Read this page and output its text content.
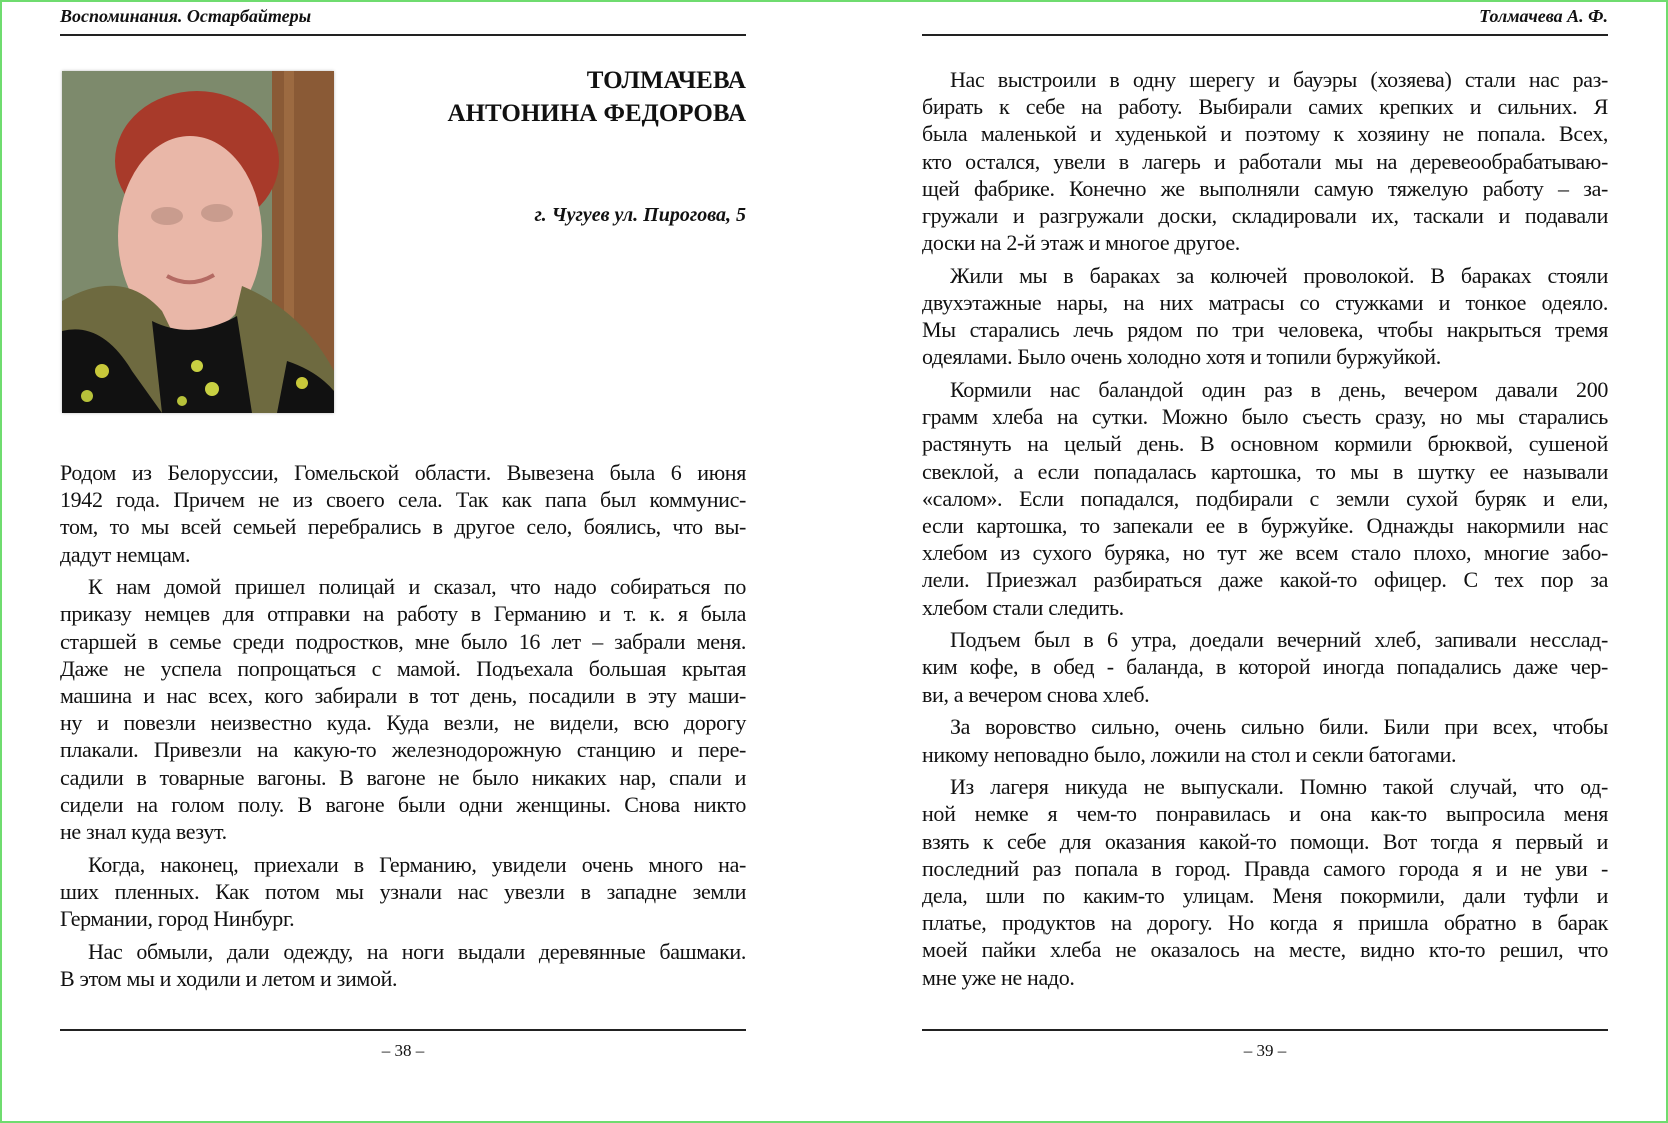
Воспоминания. Остарбайтеры
ТОЛМАЧЕВА
АНТОНИНА ФЕДОРОВА
г. Чугуев ул. Пирогова, 5
Родом из Белоруссии, Гомельской области. Вывезена была 6 июня
1942 года. Причем не из своего села. Так как папа был коммунис-
том, то мы всей семьей перебрались в другое село, боялись, что вы-
дадут немцам.
К нам домой пришел полицай и сказал, что надо собираться по
приказу немцев для отправки на работу в Германию и т. к. я была
старшей в семье среди подростков, мне было 16 лет – забрали меня.
Даже не успела попрощаться с мамой. Подъехала большая крытая
машина и нас всех, кого забирали в тот день, посадили в эту маши-
ну и повезли неизвестно куда. Куда везли, не видели, всю дорогу
плакали. Привезли на какую-то железнодорожную станцию и пере-
садили в товарные вагоны. В вагоне не было никаких нар, спали и
сидели на голом полу. В вагоне были одни женщины. Снова никто
не знал куда везут.
Когда, наконец, приехали в Германию, увидели очень много на-
ших пленных. Как потом мы узнали нас увезли в западне земли
Германии, город Нинбург.
Нас обмыли, дали одежду, на ноги выдали деревянные башмаки.
В этом мы и ходили и летом и зимой.
– 38 –
Толмачева А. Ф.
Нас выстроили в одну шерегу и бауэры (хозяева) стали нас раз-
бирать к себе на работу. Выбирали самих крепких и сильних. Я
была маленькой и худенькой и поэтому к хозяину не попала. Всех,
кто остался, увели в лагерь и работали мы на деревеообрабатываю-
щей фабрике. Конечно же выполняли самую тяжелую работу – за-
гружали и разгружали доски, складировали их, таскали и подавали
доски на 2-й этаж и многое другое.
Жили мы в бараках за колючей проволокой. В бараках стояли
двухэтажные нары, на них матрасы со стужками и тонкое одеяло.
Мы старались лечь рядом по три человека, чтобы накрыться тремя
одеялами. Было очень холодно хотя и топили буржуйкой.
Кормили нас баландой один раз в день, вечером давали 200
грамм хлеба на сутки. Можно было съесть сразу, но мы старались
растянуть на целый день. В основном кормили брюквой, сушеной
свеклой, а если попадалась картошка, то мы в шутку ее называли
«салом». Если попадался, подбирали с земли сухой буряк и ели,
если картошка, то запекали ее в буржуйке. Однажды накормили нас
хлебом из сухого буряка, но тут же всем стало плохо, многие забо-
лели. Приезжал разбираться даже какой-то офицер. С тех пор за
хлебом стали следить.
Подъем был в 6 утра, доедали вечерний хлеб, запивали несслад-
ким кофе, в обед - баланда, в которой иногда попадались даже чер-
ви, а вечером снова хлеб.
За воровство сильно, очень сильно били. Били при всех, чтобы
никому неповадно было, ложили на стол и секли батогами.
Из лагеря никуда не выпускали. Помню такой случай, что од-
ной немке я чем-то понравилась и она как-то выпросила меня
взять к себе для оказания какой-то помощи. Вот тогда я первый и
последний раз попала в город. Правда самого города я и не уви -
дела, шли по каким-то улицам. Меня покормили, дали туфли и
платье, продуктов на дорогу. Но когда я пришла обратно в барак
моей пайки хлеба не оказалось на месте, видно кто-то решил, что
мне уже не надо.
– 39 –
